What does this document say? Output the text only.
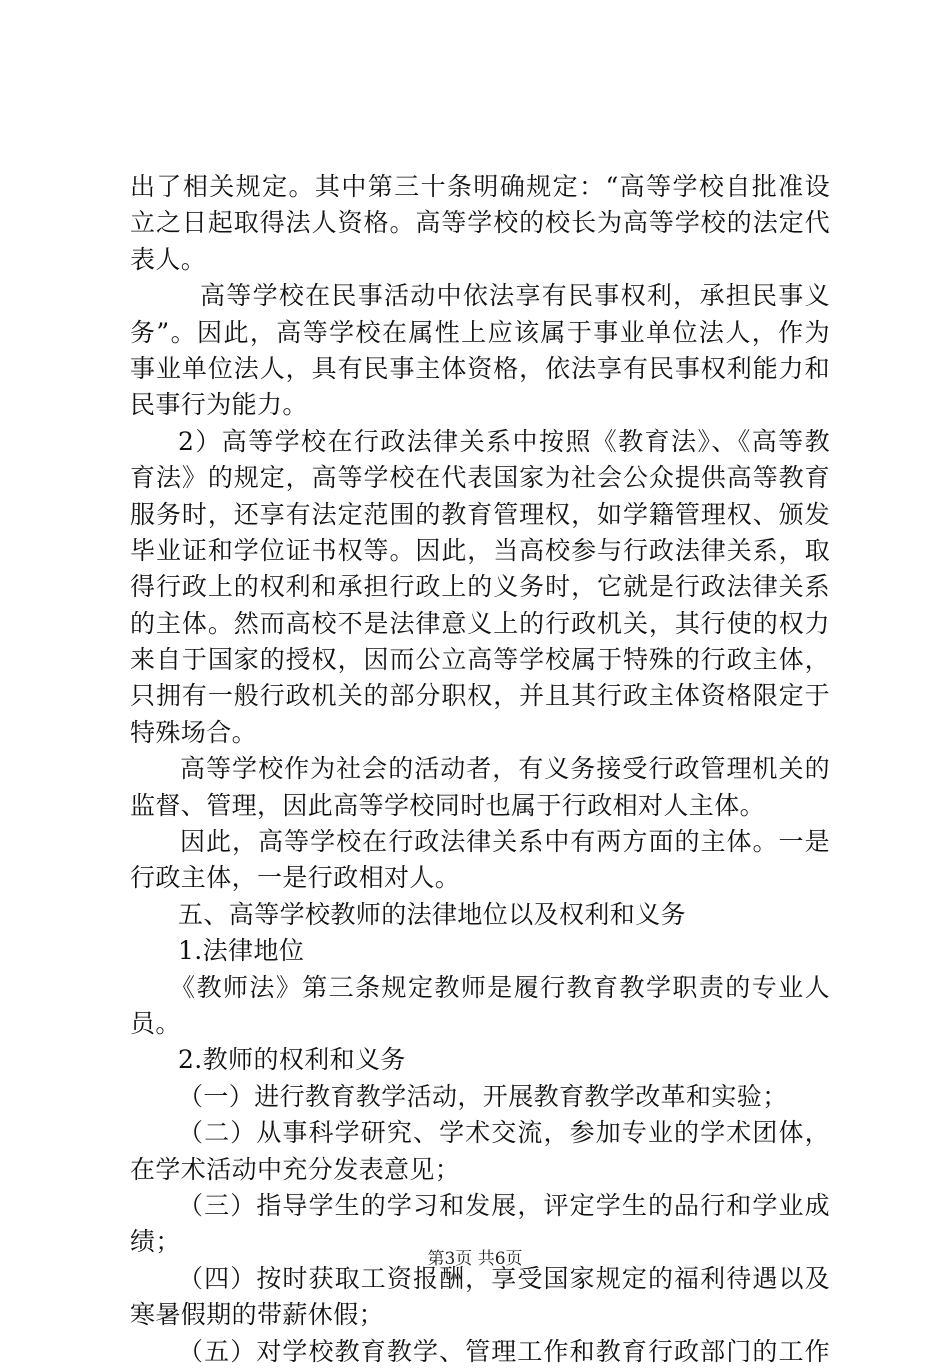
出了相关规定。其中第三十条明确规定：“高等学校自批准设
立之日起取得法人资格。高等学校的校长为高等学校的法定代
表人。
高等学校在民事活动中依法享有民事权利，承担民事义
务”。因此，高等学校在属性上应该属于事业单位法人，作为
事业单位法人，具有民事主体资格，依法享有民事权利能力和
民事行为能力。
2）高等学校在行政法律关系中按照《教育法》、《高等教
育法》的规定，高等学校在代表国家为社会公众提供高等教育
服务时，还享有法定范围的教育管理权，如学籍管理权、颁发
毕业证和学位证书权等。因此，当高校参与行政法律关系，取
得行政上的权利和承担行政上的义务时，它就是行政法律关系
的主体。然而高校不是法律意义上的行政机关，其行使的权力
来自于国家的授权，因而公立高等学校属于特殊的行政主体，
只拥有一般行政机关的部分职权，并且其行政主体资格限定于
特殊场合。
高等学校作为社会的活动者，有义务接受行政管理机关的
监督、管理，因此高等学校同时也属于行政相对人主体。
因此，高等学校在行政法律关系中有两方面的主体。一是
行政主体，一是行政相对人。
五、高等学校教师的法律地位以及权利和义务
1.法律地位
《教师法》第三条规定教师是履行教育教学职责的专业人
员。
2.教师的权利和义务
（一）进行教育教学活动，开展教育教学改革和实验；
（二）从事科学研究、学术交流，参加专业的学术团体，
在学术活动中充分发表意见；
（三）指导学生的学习和发展，评定学生的品行和学业成
绩；
（四）按时获取工资报酬，享受国家规定的福利待遇以及
寒暑假期的带薪休假；
（五）对学校教育教学、管理工作和教育行政部门的工作
第3页 共6页
